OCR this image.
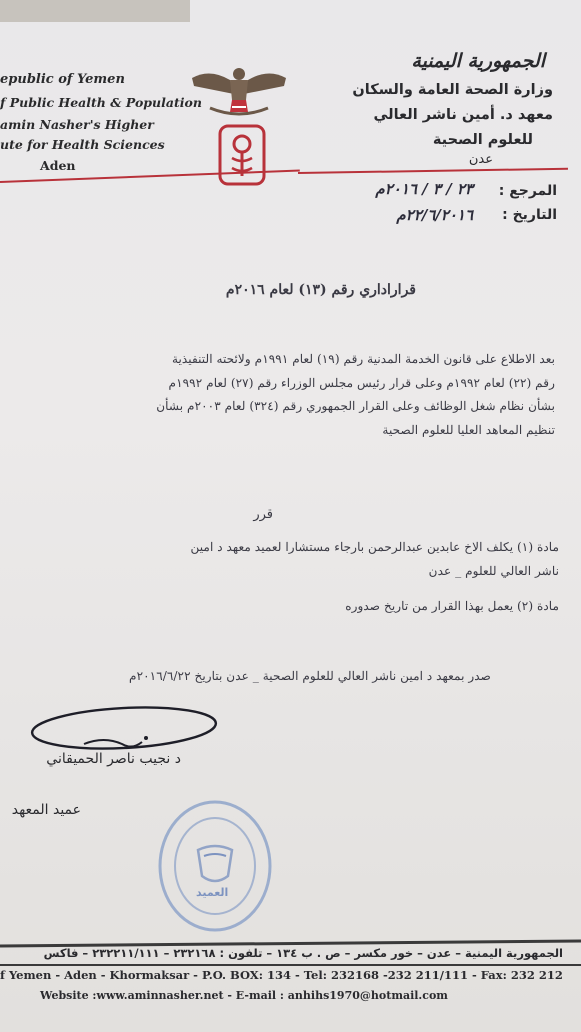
epublic of Yemen
f Public Health & Population
amin Nasher's Higher
ute for Health Sciences
Aden
الجمهورية اليمنية
وزارة الصحة العامة والسكان
معهد د. أمين ناشر العالي
للعلوم الصحية
عدن
المرجع :
٢٣ / ٣ / ٢٠١٦م
التاريخ :
٢٢/٦/٢٠١٦م
قراراداري رقم (١٣) لعام ٢٠١٦م
بعد الاطلاع على قانون الخدمة المدنية رقم (١٩) لعام ١٩٩١م ولائحته التنفيذية
رقم (٢٢) لعام ١٩٩٢م وعلى قرار رئيس مجلس الوزراء رقم (٢٧) لعام ١٩٩٢م
بشأن نظام شغل الوظائف وعلى القرار الجمهوري رقم (٣٢٤) لعام ٢٠٠٣م بشأن
تنظيم المعاهد العليا للعلوم الصحية
قرر
مادة (١) يكلف الاخ عابدين عبدالرحمن بارجاء مستشارا لعميد معهد د امين
ناشر العالي للعلوم _ عدن
مادة (٢) يعمل بهذا القرار من تاريخ صدوره
صدر بمعهد د امين ناشر العالي للعلوم الصحية _ عدن بتاريخ ٢٠١٦/٦/٢٢م
د نجيب ناصر الحميقاني
عميد المعهد
العميد
الجمهورية اليمنية – عدن – خور مكسر – ص . ب ١٣٤ – تلفون : ٢٣٢١٦٨ – ٢٣٢٢١١/١١١ – فاكس
f Yemen - Aden - Khormaksar - P.O. BOX: 134 - Tel: 232168 -232 211/111 - Fax: 232 212
Website :www.aminnasher.net - E-mail : anhihs1970@hotmail.com
